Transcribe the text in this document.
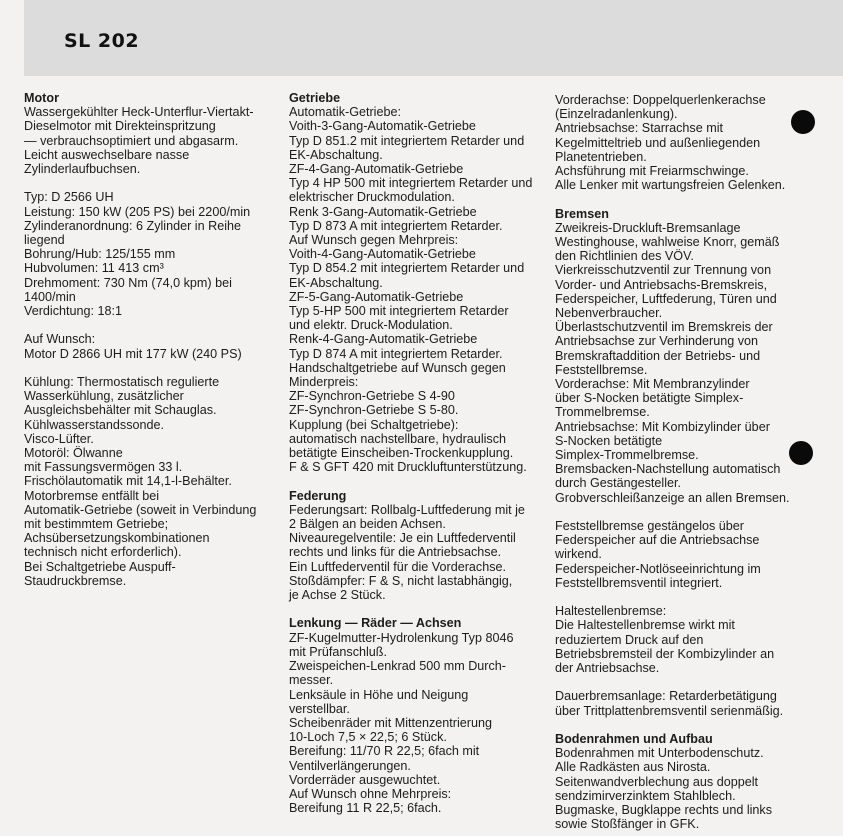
SL 202
Motor

Wassergekühlter Heck-Unterflur-Viertakt-

Dieselmotor mit Direkteinspritzung

— verbrauchsoptimiert und abgasarm.

Leicht auswechselbare nasse

Zylinderlaufbuchsen.

Typ: D 2566 UH

Leistung: 150 kW (205 PS) bei 2200/min

Zylinderanordnung: 6 Zylinder in Reihe

liegend

Bohrung/Hub: 125/155 mm

Hubvolumen: 11 413 cm³

Drehmoment: 730 Nm (74,0 kpm) bei

1400/min

Verdichtung: 18:1

Auf Wunsch:

Motor D 2866 UH mit 177 kW (240 PS)

Kühlung: Thermostatisch regulierte

Wasserkühlung, zusätzlicher

Ausgleichsbehälter mit Schauglas.

Kühlwasserstandssonde.

Visco-Lüfter.

Motoröl: Ölwanne

mit Fassungsvermögen 33 l.

Frischölautomatik mit 14,1-l-Behälter.

Motorbremse entfällt bei

Automatik-Getriebe (soweit in Verbindung

mit bestimmtem Getriebe;

Achsübersetzungskombinationen

technisch nicht erforderlich).

Bei Schaltgetriebe Auspuff-

Staudruckbremse.

Getriebe

Automatik-Getriebe:

Voith-3-Gang-Automatik-Getriebe

Typ D 851.2 mit integriertem Retarder und

EK-Abschaltung.

ZF-4-Gang-Automatik-Getriebe

Typ 4 HP 500 mit integriertem Retarder und

elektrischer Druckmodulation.

Renk 3-Gang-Automatik-Getriebe

Typ D 873 A mit integriertem Retarder.

Auf Wunsch gegen Mehrpreis:

Voith-4-Gang-Automatik-Getriebe

Typ D 854.2 mit integriertem Retarder und

EK-Abschaltung.

ZF-5-Gang-Automatik-Getriebe

Typ 5-HP 500 mit integriertem Retarder

und elektr. Druck-Modulation.

Renk-4-Gang-Automatik-Getriebe

Typ D 874 A mit integriertem Retarder.

Handschaltgetriebe auf Wunsch gegen

Minderpreis:

ZF-Synchron-Getriebe S 4-90

ZF-Synchron-Getriebe S 5-80.

Kupplung (bei Schaltgetriebe):

automatisch nachstellbare, hydraulisch

betätigte Einscheiben-Trockenkupplung.

F & S GFT 420 mit Druckluftunterstützung.

Federung

Federungsart: Rollbalg-Luftfederung mit je

2 Bälgen an beiden Achsen.

Niveauregelventile: Je ein Luftfederventil

rechts und links für die Antriebsachse.

Ein Luftfederventil für die Vorderachse.

Stoßdämpfer: F & S, nicht lastabhängig,

je Achse 2 Stück.

Lenkung — Räder — Achsen

ZF-Kugelmutter-Hydrolenkung Typ 8046

mit Prüfanschluß.

Zweispeichen-Lenkrad 500 mm Durch-

messer.

Lenksäule in Höhe und Neigung

verstellbar.

Scheibenräder mit Mittenzentrierung

10-Loch 7,5 × 22,5; 6 Stück.

Bereifung: 11/70 R 22,5; 6fach mit

Ventilverlängerungen.

Vorderräder ausgewuchtet.

Auf Wunsch ohne Mehrpreis:

Bereifung 11 R 22,5; 6fach.

Vorderachse: Doppelquerlenkerachse

(Einzelradanlenkung).

Antriebsachse: Starrachse mit

Kegelmitteltrieb und außenliegenden

Planetentrieben.

Achsführung mit Freiarmschwinge.

Alle Lenker mit wartungsfreien Gelenken.

Bremsen

Zweikreis-Druckluft-Bremsanlage

Westinghouse, wahlweise Knorr, gemäß

den Richtlinien des VÖV.

Vierkreisschutzventil zur Trennung von

Vorder- und Antriebsachs-Bremskreis,

Federspeicher, Luftfederung, Türen und

Nebenverbraucher.

Überlastschutzventil im Bremskreis der

Antriebsachse zur Verhinderung von

Bremskraftaddition der Betriebs- und

Feststellbremse.

Vorderachse: Mit Membranzylinder

über S-Nocken betätigte Simplex-

Trommelbremse.

Antriebsachse: Mit Kombizylinder über

S-Nocken betätigte

Simplex-Trommelbremse.

Bremsbacken-Nachstellung automatisch

durch Gestängesteller.

Grobverschleißanzeige an allen Bremsen.

Feststellbremse gestängelos über

Federspeicher auf die Antriebsachse

wirkend.

Federspeicher-Notlöseeinrichtung im

Feststellbremsventil integriert.

Haltestellenbremse:

Die Haltestellenbremse wirkt mit

reduziertem Druck auf den

Betriebsbremsteil der Kombizylinder an

der Antriebsachse.

Dauerbremsanlage: Retarderbetätigung

über Trittplattenbremsventil serienmäßig.

Bodenrahmen und Aufbau

Bodenrahmen mit Unterbodenschutz.

Alle Radkästen aus Nirosta.

Seitenwandverblechung aus doppelt

sendzimirverzinktem Stahlblech.

Bugmaske, Bugklappe rechts und links

sowie Stoßfänger in GFK.
